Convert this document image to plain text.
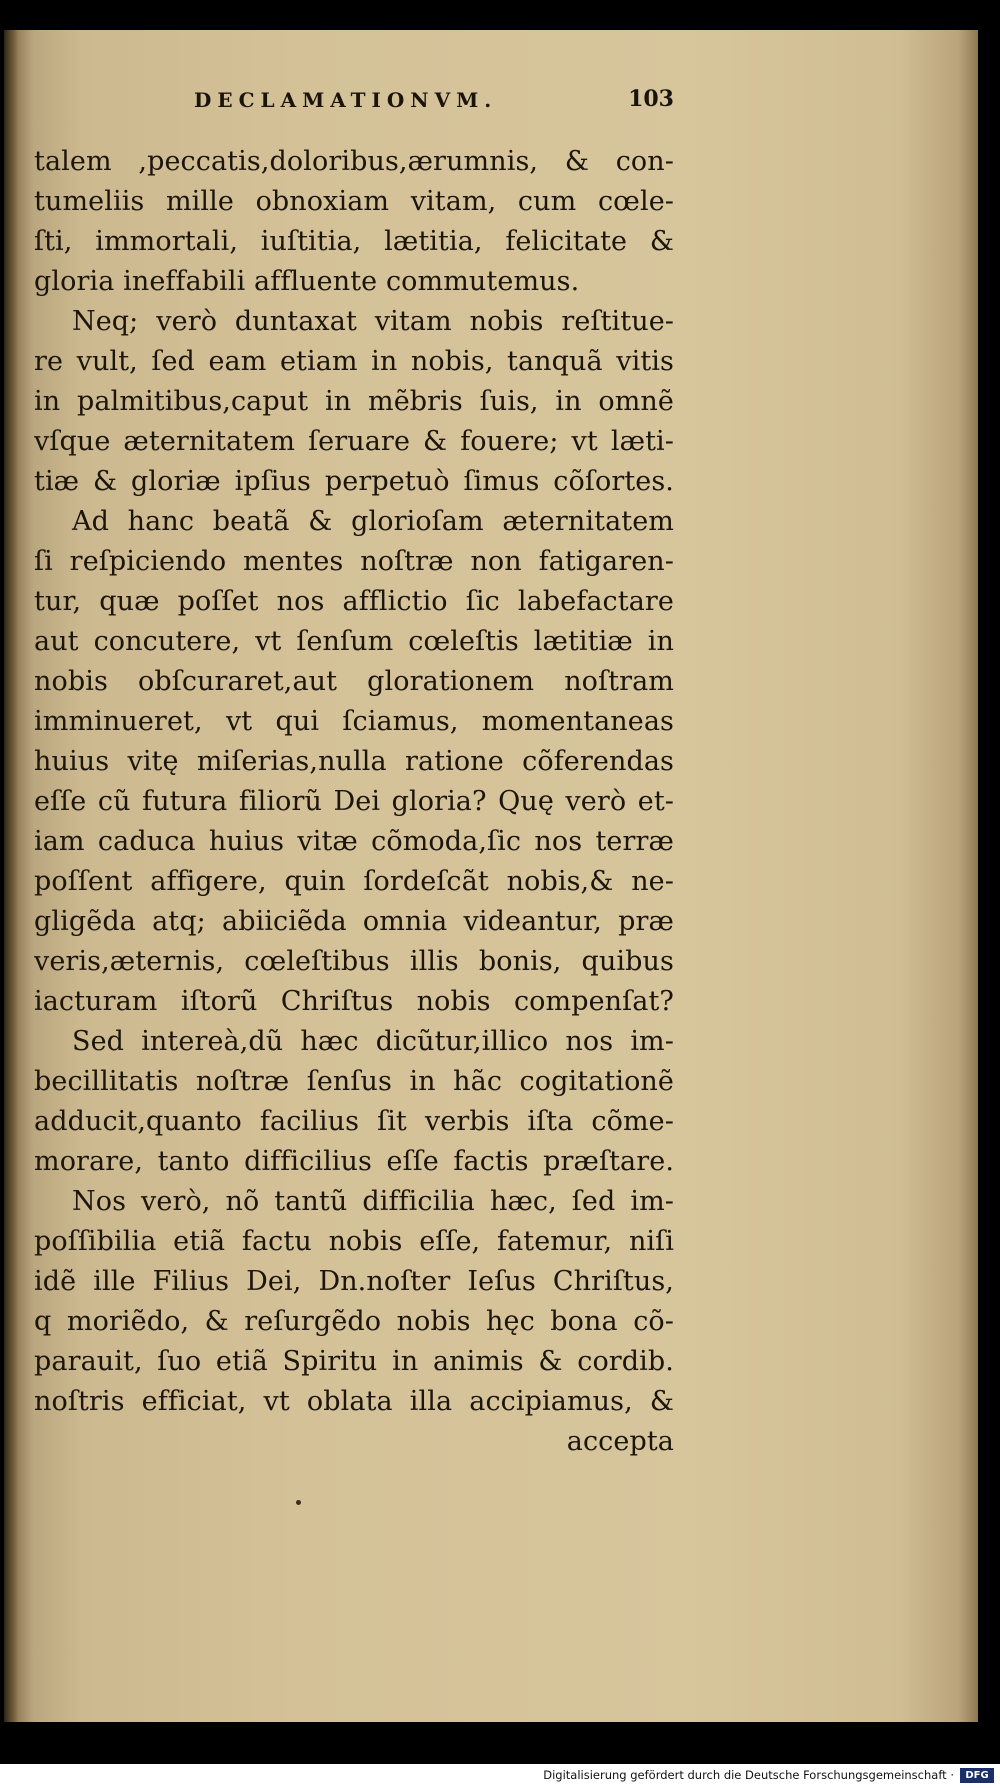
DECLAMATIONVM.	103
talem ,peccatis,doloribus,ærumnis, & con-
tumeliis mille obnoxiam vitam, cum cœle-
ſti, immortali, iuſtitia, lætitia, felicitate &
gloria ineffabili affluente commutemus.
Neq; verò duntaxat vitam nobis reſtitue-
re vult, ſed eam etiam in nobis, tanquã vitis
in palmitibus,caput in mẽbris ſuis, in omnẽ
vſque æternitatem ſeruare & fouere; vt læti-
tiæ & gloriæ ipſius perpetuò ſimus cõſortes.
Ad hanc beatã & glorioſam æternitatem
ſi reſpiciendo mentes noſtræ non fatigaren-
tur, quæ poſſet nos afflictio ſic labefactare
aut concutere, vt ſenſum cœleſtis lætitiæ in
nobis obſcuraret,aut glorationem noſtram
imminueret, vt qui ſciamus, momentaneas
huius vitę miſerias,nulla ratione cõferendas
eſſe cũ futura filiorũ Dei gloria? Quę verò et-
iam caduca huius vitæ cõmoda,ſic nos terræ
poſſent affigere, quin ſordeſcãt nobis,& ne-
gligẽda atq; abiiciẽda omnia videantur, præ
veris,æternis, cœleſtibus illis bonis, quibus
iacturam iſtorũ Chriſtus nobis compenſat?
Sed intereà,dũ hæc dicũtur,illico nos im-
becillitatis noſtræ ſenſus in hãc cogitationẽ
adducit,quanto facilius ſit verbis iſta cõme-
morare, tanto difficilius eſſe factis præſtare.
Nos verò, nõ tantũ difficilia hæc, ſed im-
poſſibilia etiã factu nobis eſſe, fatemur, niſi
idẽ ille Filius Dei, Dn.noſter Ieſus Chriſtus,
q moriẽdo, & reſurgẽdo nobis hęc bona cõ-
parauit, ſuo etiã Spiritu in animis & cordib.
noſtris efficiat, vt oblata illa accipiamus, &
accepta
Digitalisierung gefördert durch die Deutsche Forschungsgemeinschaft ·	DFG
